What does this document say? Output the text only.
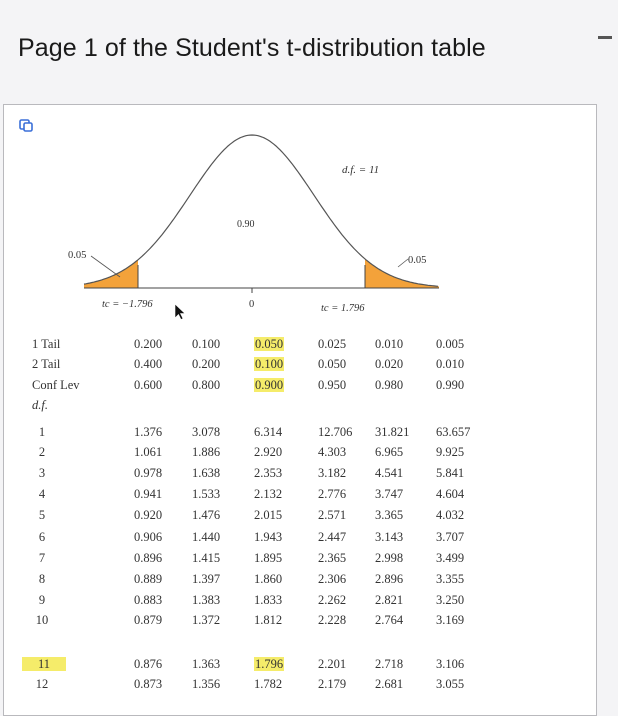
Page 1 of the Student's t-distribution table
d.f. = 11
0.90
0.05	0.05
tc = −1.796	0	tc = 1.796
1 Tail	0.200 0.100	0.050	0.025 0.010	0.005
2 Tail	0.400 0.200	0.100	0.050 0.020	0.010
Conf Lev	0.600 0.800	0.900	0.950 0.980	0.990
d.f.
1	1.376 3.078	6.314	12.706 31.821 63.657
2	1.061 1.886	2.920	4.303 6.965	9.925
3	0.978 1.638	2.353	3.182 4.541	5.841
4	0.941 1.533	2.132	2.776 3.747	4.604
5	0.920 1.476	2.015	2.571 3.365	4.032
6	0.906 1.440	1.943	2.447 3.143	3.707
7	0.896 1.415	1.895	2.365 2.998	3.499
8	0.889 1.397	1.860	2.306 2.896	3.355
9	0.883 1.383	1.833	2.262 2.821	3.250
10	0.879 1.372	1.812	2.228 2.764	3.169
11	0.876 1.363	1.796	2.201 2.718	3.106
12	0.873 1.356	1.782	2.179 2.681	3.055
